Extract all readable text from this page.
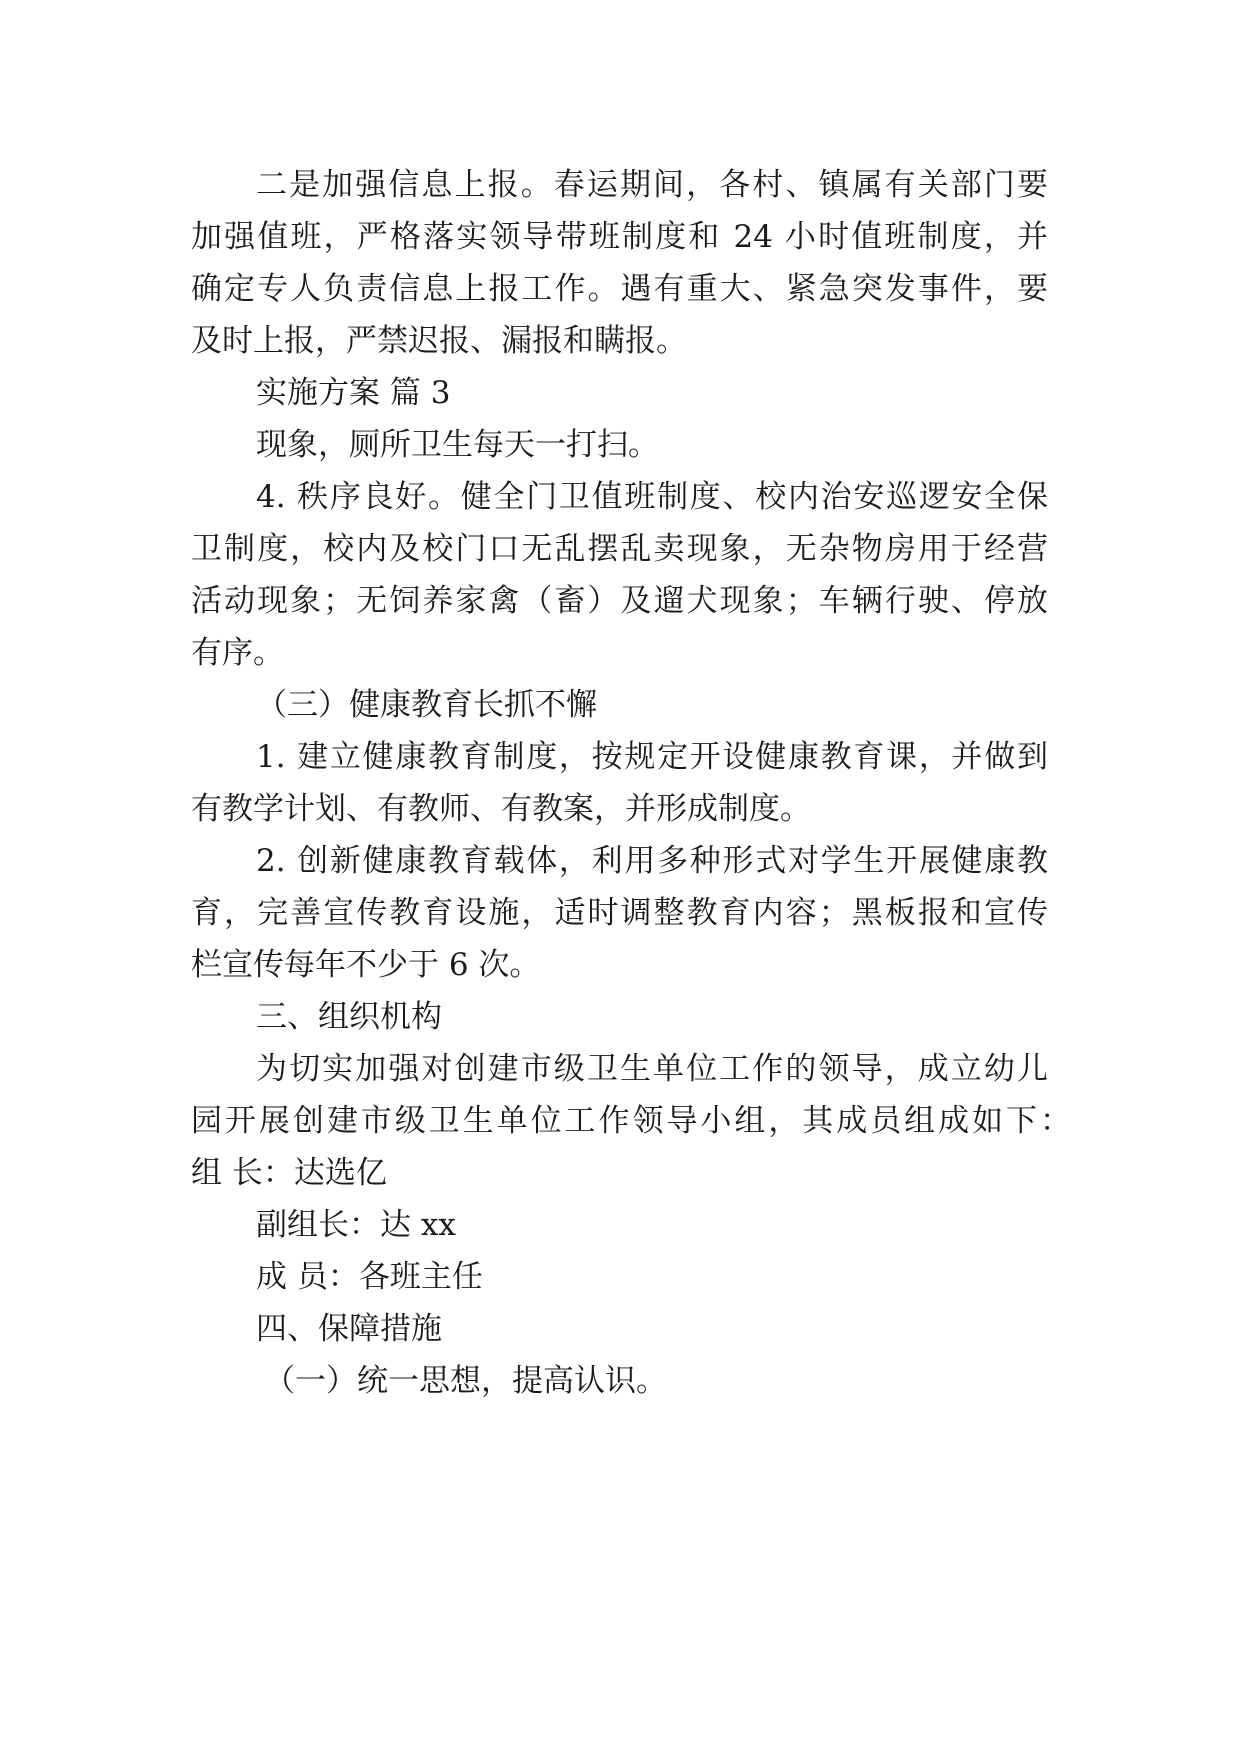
二是加强信息上报。春运期间，各村、镇属有关部门要
加强值班，严格落实领导带班制度和 24 小时值班制度，并
确定专人负责信息上报工作。遇有重大、紧急突发事件，要
及时上报，严禁迟报、漏报和瞒报。
实施方案 篇 3
现象，厕所卫生每天一打扫。
4. 秩序良好。健全门卫值班制度、校内治安巡逻安全保
卫制度，校内及校门口无乱摆乱卖现象，无杂物房用于经营
活动现象；无饲养家禽（畜）及遛犬现象；车辆行驶、停放
有序。
（三）健康教育长抓不懈
1. 建立健康教育制度，按规定开设健康教育课，并做到
有教学计划、有教师、有教案，并形成制度。
2. 创新健康教育载体，利用多种形式对学生开展健康教
育，完善宣传教育设施，适时调整教育内容；黑板报和宣传
栏宣传每年不少于 6 次。
三、组织机构
为切实加强对创建市级卫生单位工作的领导，成立幼儿
园开展创建市级卫生单位工作领导小组，其成员组成如下：
组 长：达选亿
副组长：达 xx
成 员：各班主任
四、保障措施
（一）统一思想，提高认识。
